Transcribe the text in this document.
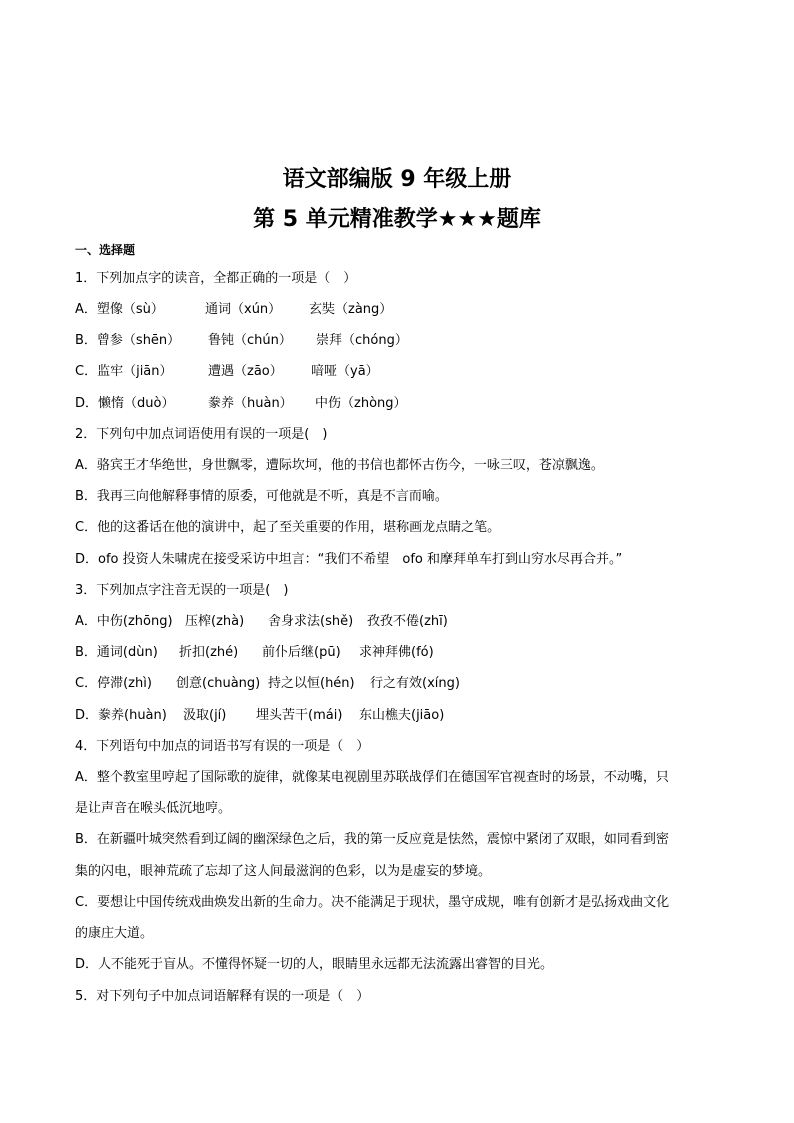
语文部编版 9 年级上册
第 5 单元精准教学★★★题库
一、选择题
1．下列加点字的读音，全都正确的一项是（　）
A．塑像（sù）	通词（xún） 玄奘（zàng）
B．曾参（shēn） 鲁钝（chún） 崇拜（chóng）
C．监牢（jiān）	遭遇（zāo） 喑哑（yā）
D．懒惰（duò）	豢养（huàn） 中伤（zhòng）
2．下列句中加点词语使用有误的一项是(　)
A．骆宾王才华绝世，身世飘零，遭际坎坷，他的书信也都怀古伤今，一咏三叹，苍凉飘逸。
B．我再三向他解释事情的原委，可他就是不听，真是不言而喻。
C．他的这番话在他的演讲中，起了至关重要的作用，堪称画龙点睛之笔。
D．ofo 投资人朱啸虎在接受采访中坦言：“我们不希望　ofo 和摩拜单车打到山穷水尽再合并。”
3．下列加点字注音无误的一项是(　)
A．中伤(zhōng) 压榨(zhà) 舍身求法(shě) 孜孜不倦(zhī)
B．通词(dùn) 折扣(zhé) 前仆后继(pū) 求神拜佛(fó)
C．停滞(zhì) 创意(chuàng) 持之以恒(hén) 行之有效(xíng)
D．豢养(huàn) 汲取(jí) 埋头苦干(mái) 东山樵夫(jiāo)
4．下列语句中加点的词语书写有误的一项是（　）
A．整个教室里哼起了国际歌的旋律，就像某电视剧里苏联战俘们在德国军官视查时的场景，不动嘴，只
是让声音在喉头低沉地哼。
B．在新疆叶城突然看到辽阔的幽深绿色之后，我的第一反应竟是怯然，震惊中紧闭了双眼，如同看到密
集的闪电，眼神荒疏了忘却了这人间最滋润的色彩，以为是虚妄的梦境。
C．要想让中国传统戏曲焕发出新的生命力。决不能满足于现状，墨守成规，唯有创新才是弘扬戏曲文化
的康庄大道。
D．人不能死于盲从。不懂得怀疑一切的人，眼睛里永远都无法流露出睿智的目光。
5．对下列句子中加点词语解释有误的一项是（　）
